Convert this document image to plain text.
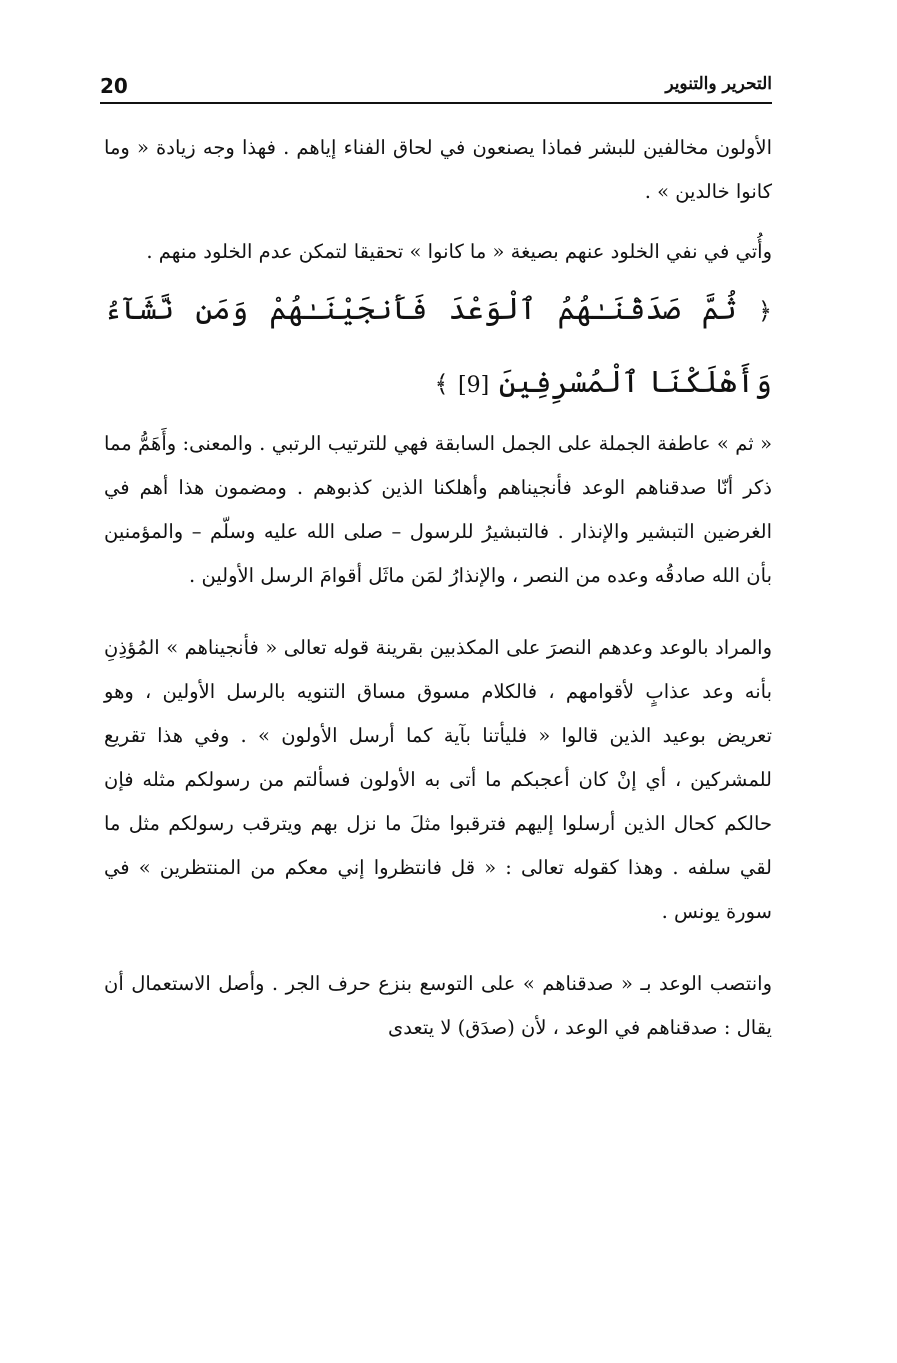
20	التحرير والتنوير

الأولون مخالفين للبشر فماذا يصنعون في لحاق الفناء إياهم . فهذا وجه زيادة « وما كانوا خالدين » .

وأُتي في نفي الخلود عنهم بصيغة « ما كانوا » تحقيقا لتمكن عدم الخلود منهم .

﴿ ثُمَّ صَدَقْنَـٰهُمُ ٱلْوَعْدَ فَأَنجَيْنَـٰهُمْ وَمَن نَّشَآءُ وَأَهْلَكْنَا ٱلْمُسْرِفِينَ [9] ﴾

« ثم » عاطفة الجملة على الجمل السابقة فهي للترتيب الرتبي . والمعنى: وأَهَمُّ مما ذكر أنّا صدقناهم الوعد فأنجيناهم وأهلكنا الذين كذبوهم . ومضمون هذا أهم في الغرضين التبشير والإنذار . فالتبشيرُ للرسول – صلى الله عليه وسلّم – والمؤمنين بأن الله صادقُه وعده من النصر ، والإنذارُ لمَن ماثَل أقوامَ الرسل الأولين .

والمراد بالوعد وعدهم النصرَ على المكذبين بقرينة قوله تعالى « فأنجيناهم » المُؤذِنِ بأنه وعد عذابٍ لأقوامهم ، فالكلام مسوق مساق التنويه بالرسل الأولين ، وهو تعريض بوعيد الذين قالوا « فليأتنا بآية كما أرسل الأولون » . وفي هذا تقريع للمشركين ، أي إنْ كان أعجبكم ما أتى به الأولون فسألتم من رسولكم مثله فإن حالكم كحال الذين أرسلوا إليهم فترقبوا مثلَ ما نزل بهم ويترقب رسولكم مثل ما لقي سلفه . وهذا كقوله تعالى : « قل فانتظروا إني معكم من المنتظرين » في سورة يونس .

وانتصب الوعد بـ « صدقناهم » على التوسع بنزع حرف الجر . وأصل الاستعمال أن يقال : صدقناهم في الوعد ، لأن (صدَق) لا يتعدى
